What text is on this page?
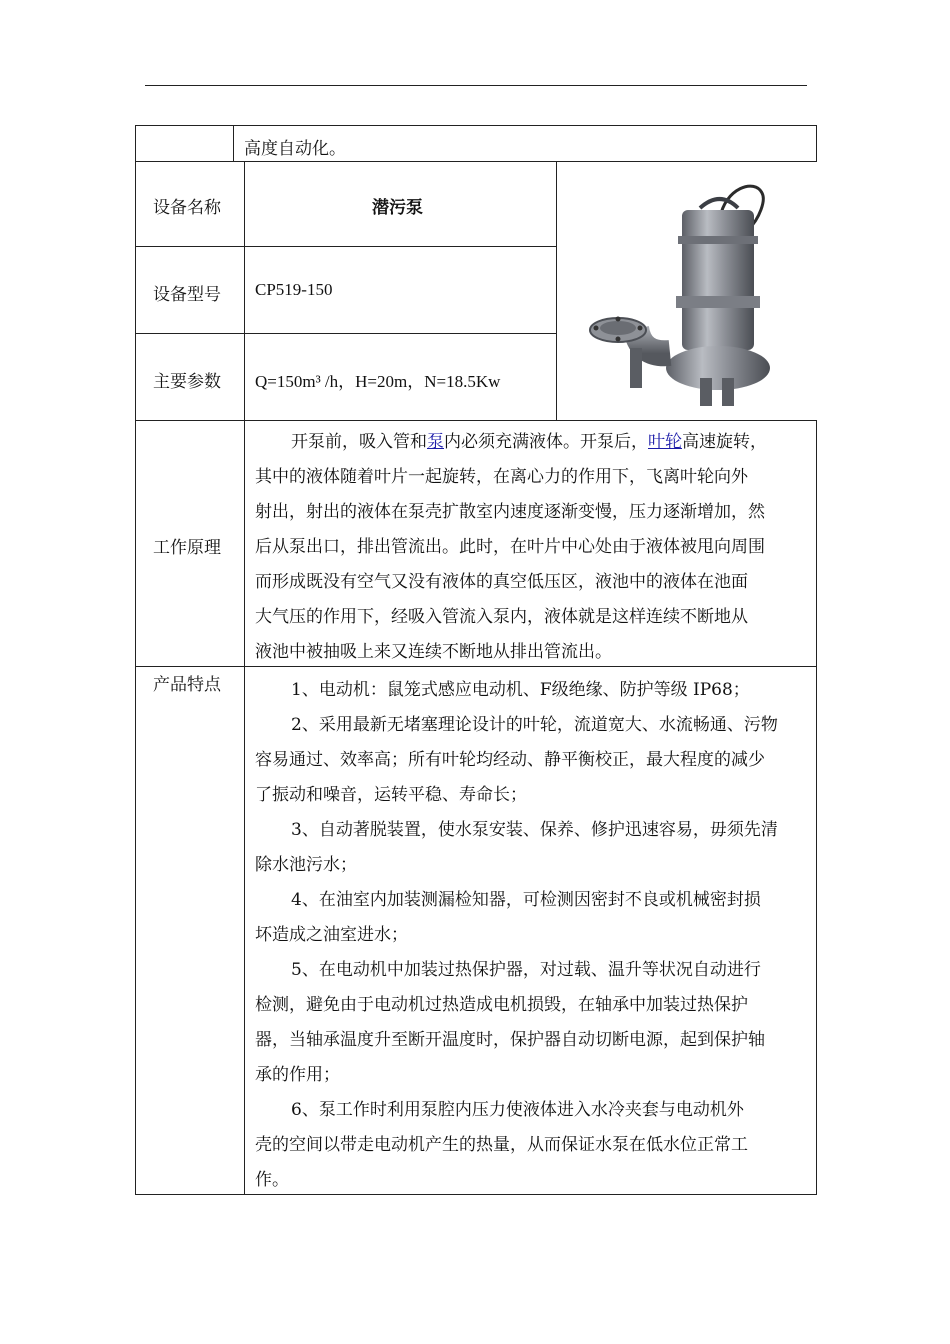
高度自动化。
设备名称	潜污泵
设备型号 CP519-150
主要参数 Q=150m³ /h，H=20m，N=18.5Kw
工作原理
开泵前，吸入管和泵内必须充满液体。开泵后，叶轮高速旋转，
其中的液体随着叶片一起旋转，在离心力的作用下，飞离叶轮向外
射出，射出的液体在泵壳扩散室内速度逐渐变慢，压力逐渐增加，然
后从泵出口，排出管流出。此时，在叶片中心处由于液体被甩向周围
而形成既没有空气又没有液体的真空低压区，液池中的液体在池面
大气压的作用下，经吸入管流入泵内，液体就是这样连续不断地从
液池中被抽吸上来又连续不断地从排出管流出。
产品特点	1、电动机：鼠笼式感应电动机、F级绝缘、防护等级 IP68；
2、采用最新无堵塞理论设计的叶轮，流道宽大、水流畅通、污物
容易通过、效率高；所有叶轮均经动、静平衡校正，最大程度的减少
了振动和噪音，运转平稳、寿命长；
3、自动著脱装置，使水泵安装、保养、修护迅速容易，毋须先清
除水池污水；
4、在油室内加装测漏检知器，可检测因密封不良或机械密封损
坏造成之油室进水；
5、在电动机中加装过热保护器，对过载、温升等状况自动进行
检测，避免由于电动机过热造成电机损毁，在轴承中加装过热保护
器，当轴承温度升至断开温度时，保护器自动切断电源，起到保护轴
承的作用；
6、泵工作时利用泵腔内压力使液体进入水冷夹套与电动机外
壳的空间以带走电动机产生的热量，从而保证水泵在低水位正常工
作。
